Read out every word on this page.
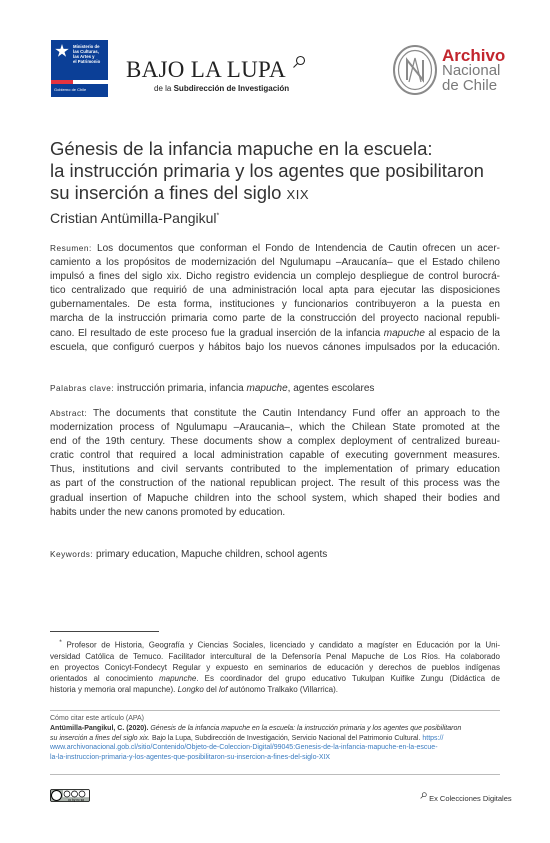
Ministerio de
las Culturas,
las Artes y
el Patrimonio
Gobierno de Chile
BAJO LA LUPA
de la Subdirección de Investigación
Archivo
Nacional
de Chile
Génesis de la infancia mapuche en la escuela:
la instrucción primaria y los agentes que posibilitaron
su inserción a fines del siglo XIX
Cristian Antümilla-Pangikul*
Resumen: Los documentos que conforman el Fondo de Intendencia de Cautin ofrecen un acer-
camiento a los propósitos de modernización del Ngulumapu –Araucanía– que el Estado chileno
impulsó a fines del siglo xix. Dicho registro evidencia un complejo despliegue de control burocrá-
tico centralizado que requirió de una administración local apta para ejecutar las disposiciones
gubernamentales. De esta forma, instituciones y funcionarios contribuyeron a la puesta en
marcha de la instrucción primaria como parte de la construcción del proyecto nacional republi-
cano. El resultado de este proceso fue la gradual inserción de la infancia mapuche al espacio de la
escuela, que configuró cuerpos y hábitos bajo los nuevos cánones impulsados por la educación.
Palabras clave: instrucción primaria, infancia mapuche, agentes escolares
Abstract: The documents that constitute the Cautin Intendancy Fund offer an approach to the
modernization process of Ngulumapu –Araucania–, which the Chilean State promoted at the
end of the 19th century. These documents show a complex deployment of centralized bureau-
cratic control that required a local administration capable of executing government measures.
Thus, institutions and civil servants contributed to the implementation of primary education
as part of the construction of the national republican project. The result of this process was the
gradual insertion of Mapuche children into the school system, which shaped their bodies and
habits under the new canons promoted by education.
Keywords: primary education, Mapuche children, school agents
* Profesor de Historia, Geografía y Ciencias Sociales, licenciado y candidato a magíster en Educación por la Uni-
versidad Católica de Temuco. Facilitador intercultural de la Defensoría Penal Mapuche de Los Ríos. Ha colaborado
en proyectos Conicyt-Fondecyt Regular y expuesto en seminarios de educación y derechos de pueblos indígenas
orientados al conocimiento mapunche. Es coordinador del grupo educativo Tukulpan Kuifike Zungu (Didáctica de
historia y memoria oral mapunche). Longko del lof autónomo Tralkako (Villarrica).
Cómo citar este artículo (APA)
Antümilla-Pangikul, C. (2020). Génesis de la infancia mapuche en la escuela: la instrucción primaria y los agentes que posibilitaron
su inserción a fines del siglo xix. Bajo la Lupa, Subdirección de Investigación, Servicio Nacional del Patrimonio Cultural. https://
www.archivonacional.gob.cl/sitio/Contenido/Objeto-de-Coleccion-Digital/99045:Genesis-de-la-infancia-mapuche-en-la-escue-
la-la-instruccion-primaria-y-los-agentes-que-posibilitaron-su-insercion-a-fines-del-siglo-XIX
cc by nc sa	Ex Colecciones Digitales
